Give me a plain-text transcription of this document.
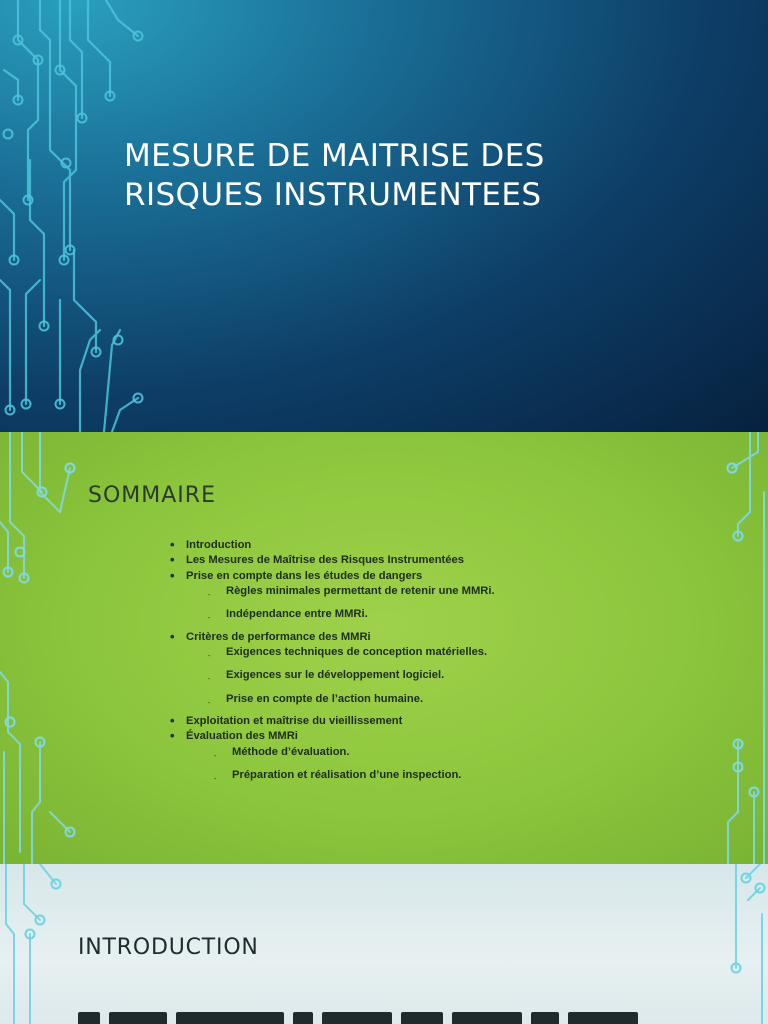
MESURE DE MAITRISE DES
RISQUES INSTRUMENTEES
SOMMAIRE
• Introduction
• Les Mesures de Maîtrise des Risques Instrumentées
• Prise en compte dans les études de dangers
- Règles minimales permettant de retenir une MMRi.
- Indépendance entre MMRi.
• Critères de performance des MMRi
- Exigences techniques de conception matérielles.
- Exigences sur le développement logiciel.
- Prise en compte de l’action humaine.
• Exploitation et maîtrise du vieillissement
• Évaluation des MMRi
- Méthode d’évaluation.
- Préparation et réalisation d’une inspection.
INTRODUCTION
